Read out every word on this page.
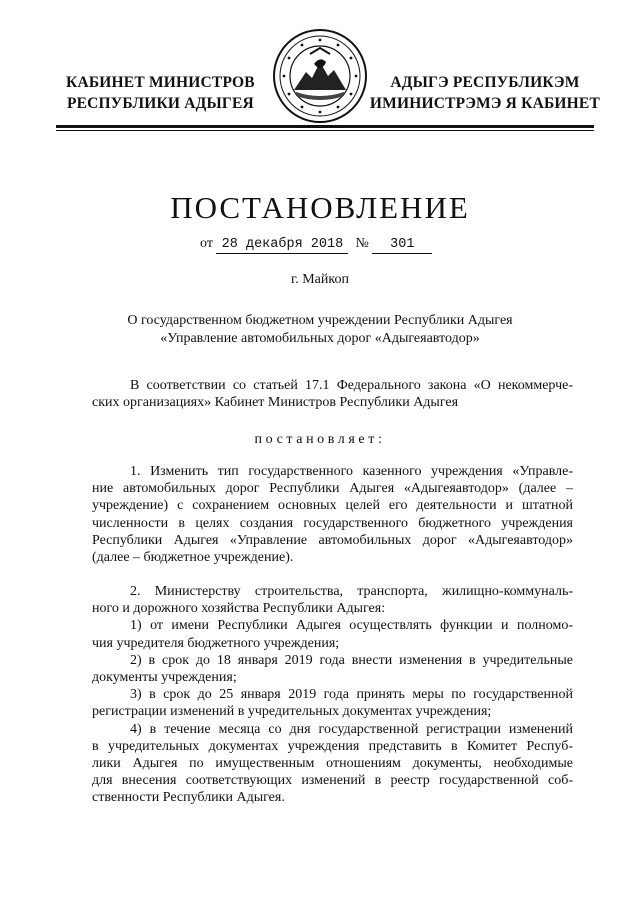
КАБИНЕТ МИНИСТРОВ
РЕСПУБЛИКИ АДЫГЕЯ
АДЫГЭ РЕСПУБЛИКЭМ
ИМИНИСТРЭМЭ Я КАБИНЕТ
ПОСТАНОВЛЕНИЕ
от 28 декабря 2018 № 301
г. Майкоп
О государственном бюджетном учреждении Республики Адыгея
«Управление автомобильных дорог «Адыгеяавтодор»
В соответствии со статьей 17.1 Федерального закона «О некоммерче-
ских организациях» Кабинет Министров Республики Адыгея
постановляет:
1. Изменить тип государственного казенного учреждения «Управле-
ние автомобильных дорог Республики Адыгея «Адыгеяавтодор» (далее –
учреждение) с сохранением основных целей его деятельности и штатной
численности в целях создания государственного бюджетного учреждения
Республики Адыгея «Управление автомобильных дорог «Адыгеяавтодор»
(далее – бюджетное учреждение).
2. Министерству строительства, транспорта, жилищно-коммуналь-
ного и дорожного хозяйства Республики Адыгея:
1) от имени Республики Адыгея осуществлять функции и полномо-
чия учредителя бюджетного учреждения;
2) в срок до 18 января 2019 года внести изменения в учредительные
документы учреждения;
3) в срок до 25 января 2019 года принять меры по государственной
регистрации изменений в учредительных документах учреждения;
4) в течение месяца со дня государственной регистрации изменений
в учредительных документах учреждения представить в Комитет Респуб-
лики Адыгея по имущественным отношениям документы, необходимые
для внесения соответствующих изменений в реестр государственной соб-
ственности Республики Адыгея.
